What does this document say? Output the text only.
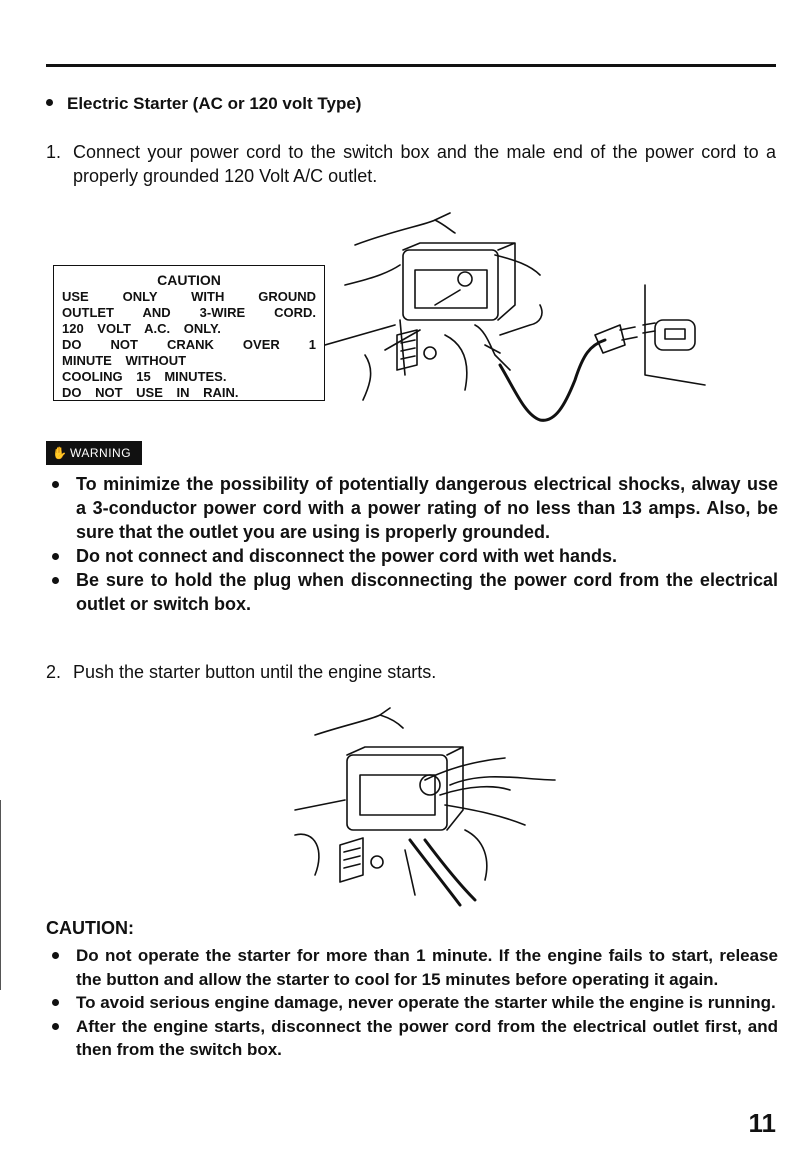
Electric Starter (AC or 120 volt Type)
1. Connect your power cord to the switch box and the male end of the power cord to a properly grounded 120 Volt A/C outlet.
CAUTION
USE ONLY WITH GROUND
OUTLET AND 3-WIRE CORD.
120 VOLT A.C. ONLY.
DO NOT CRANK OVER 1
MINUTE WITHOUT
COOLING 15 MINUTES.
DO NOT USE IN RAIN.
✋ WARNING
To minimize the possibility of potentially dangerous electrical shocks, alway use a 3-conductor power cord with a power rating of no less than 13 amps. Also, be sure that the outlet you are using is properly grounded.
Do not connect and disconnect the power cord with wet hands.
Be sure to hold the plug when disconnecting the power cord from the electrical outlet or switch box.
2. Push the starter button until the engine starts.
CAUTION:
Do not operate the starter for more than 1 minute. If the engine fails to start, release the button and allow the starter to cool for 15 minutes before operating it again.
To avoid serious engine damage, never operate the starter while the engine is running.
After the engine starts, disconnect the power cord from the electrical outlet first, and then from the switch box.
11
